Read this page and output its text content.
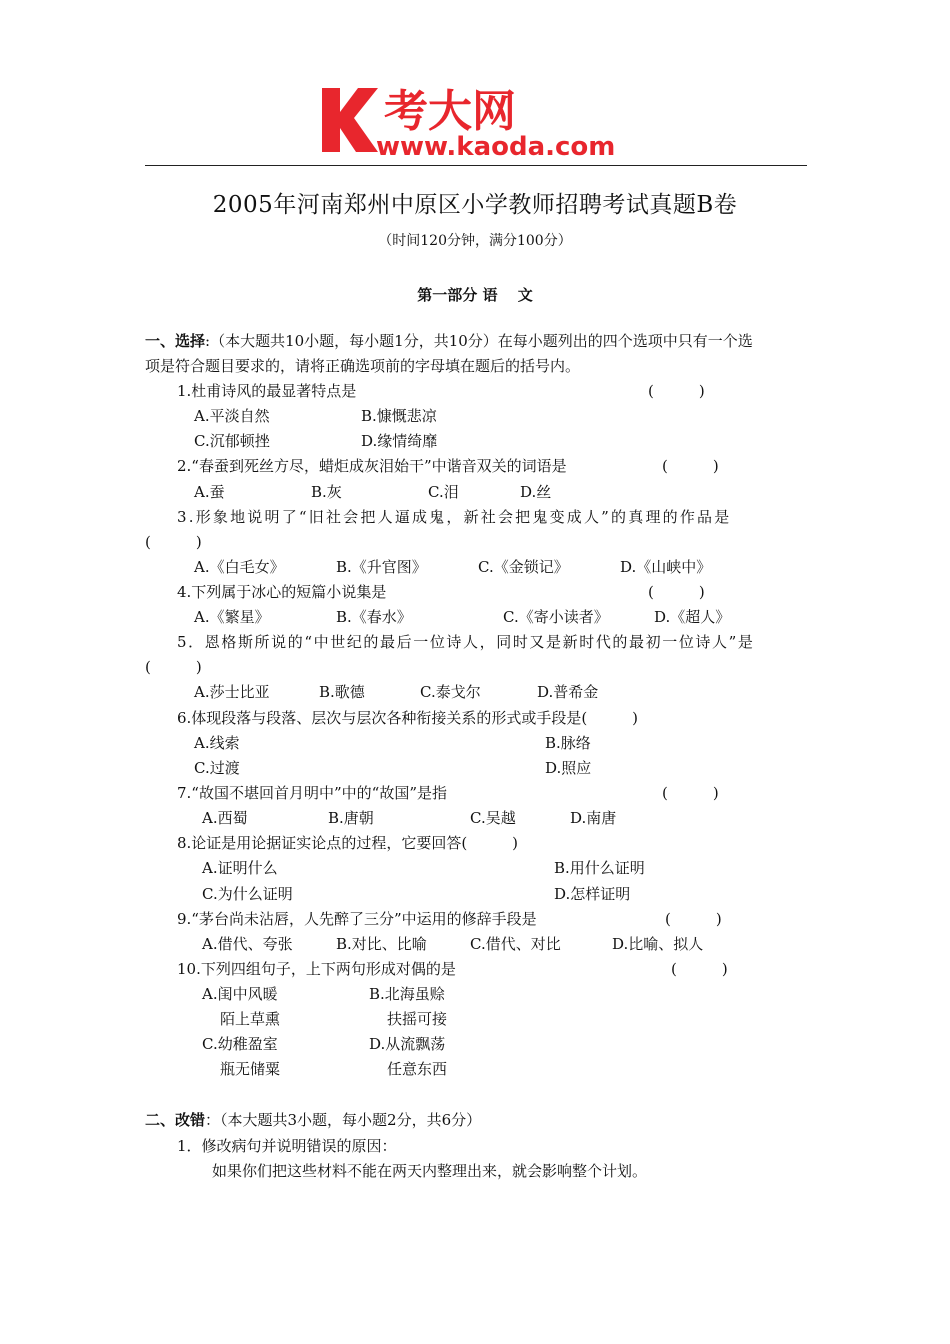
考大网
www.kaoda.com
2005年河南郑州中原区小学教师招聘考试真题B卷
（时间120分钟，满分100分）
第一部分 语　 文
一、选择:（本大题共10小题，每小题1分，共10分）在每小题列出的四个选项中只有一个选
项是符合题目要求的，请将正确选项前的字母填在题后的括号内。
1.杜甫诗风的最显著特点是	(　　　)
A.平淡自然	B.慷慨悲凉
C.沉郁顿挫	D.缘情绮靡
2.“春蚕到死丝方尽，蜡炬成灰泪始干”中谐音双关的词语是	(　　　)
A.蚕	B.灰	C.泪	D.丝
3.形象地说明了“旧社会把人逼成鬼，新社会把鬼变成人”的真理的作品是
(　　　)
A.《白毛女》	B.《升官图》	C.《金锁记》	D.《山峡中》
4.下列属于冰心的短篇小说集是	(　　　)
A.《繁星》	B.《春水》	C.《寄小读者》	D.《超人》
5．恩格斯所说的“中世纪的最后一位诗人，同时又是新时代的最初一位诗人”是
(　　　)
A.莎士比亚	B.歌德	C.泰戈尔	D.普希金
6.体现段落与段落、层次与层次各种衔接关系的形式或手段是(　　　)
A.线索	B.脉络
C.过渡	D.照应
7.“故国不堪回首月明中”中的“故国”是指	(　　　)
A.西蜀	B.唐朝	C.吴越	D.南唐
8.论证是用论据证实论点的过程，它要回答(　　　)
A.证明什么	B.用什么证明
C.为什么证明	D.怎样证明
9.“茅台尚未沾唇，人先醉了三分”中运用的修辞手段是	(　　　)
A.借代、夸张	B.对比、比喻	C.借代、对比	D.比喻、拟人
10.下列四组句子，上下两句形成对偶的是	(　　　)
A.闺中风暖	B.北海虽赊
陌上草熏	扶摇可接
C.幼稚盈室	D.从流飘荡
瓶无储粟	任意东西
二、改错：（本大题共3小题，每小题2分，共6分）
1．修改病句并说明错误的原因：
如果你们把这些材料不能在两天内整理出来，就会影响整个计划。
